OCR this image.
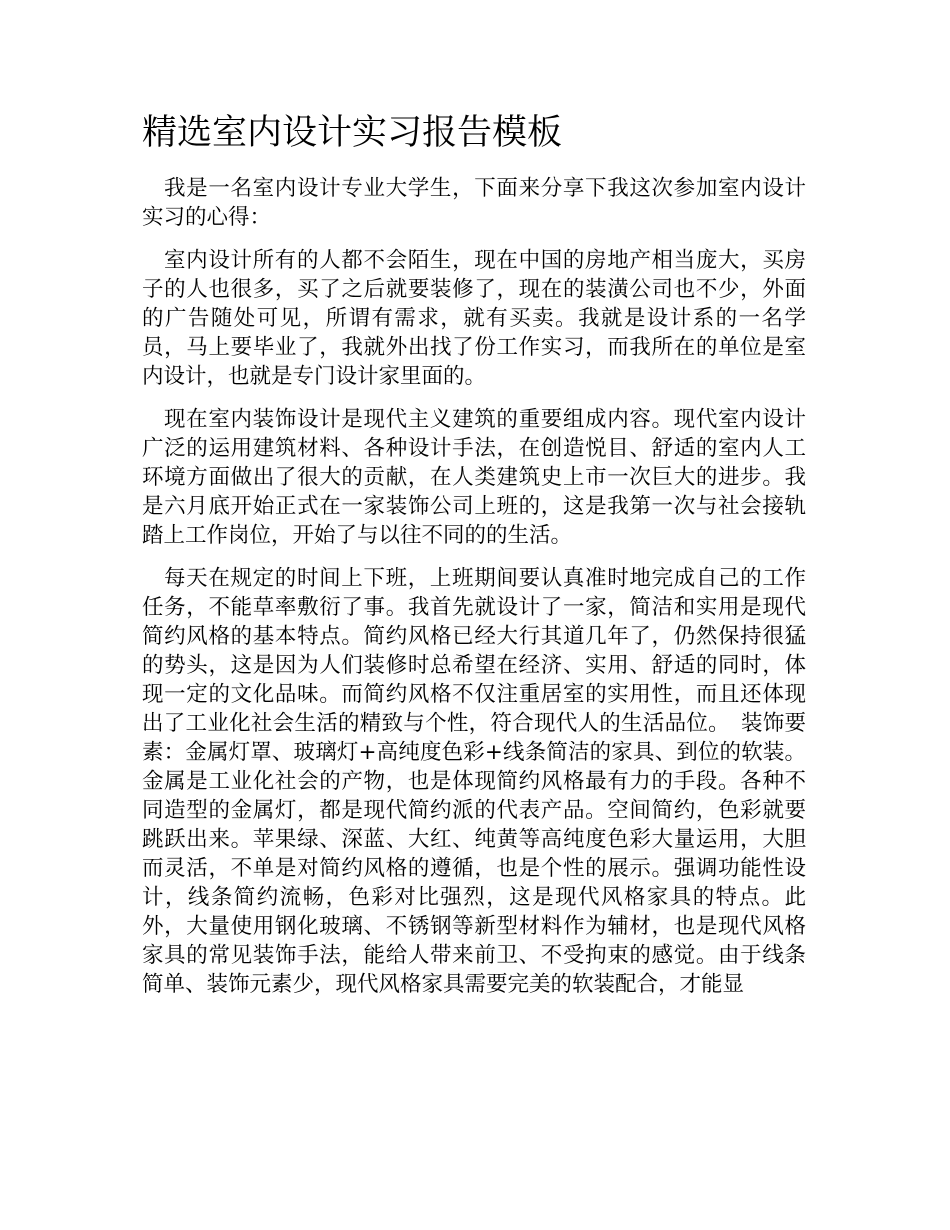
精选室内设计实习报告模板

我是一名室内设计专业大学生，下面来分享下我这次参加室内设计实习的心得：

室内设计所有的人都不会陌生，现在中国的房地产相当庞大，买房子的人也很多，买了之后就要装修了，现在的装潢公司也不少，外面的广告随处可见，所谓有需求，就有买卖。我就是设计系的一名学员，马上要毕业了，我就外出找了份工作实习，而我所在的单位是室内设计，也就是专门设计家里面的。

现在室内装饰设计是现代主义建筑的重要组成内容。现代室内设计广泛的运用建筑材料、各种设计手法，在创造悦目、舒适的室内人工环境方面做出了很大的贡献，在人类建筑史上市一次巨大的进步。我是六月底开始正式在一家装饰公司上班的，这是我第一次与社会接轨踏上工作岗位，开始了与以往不同的的生活。

每天在规定的时间上下班，上班期间要认真准时地完成自己的工作任务，不能草率敷衍了事。我首先就设计了一家，简洁和实用是现代简约风格的基本特点。简约风格已经大行其道几年了，仍然保持很猛的势头，这是因为人们装修时总希望在经济、实用、舒适的同时，体现一定的文化品味。而简约风格不仅注重居室的实用性，而且还体现出了工业化社会生活的精致与个性，符合现代人的生活品位。　装饰要素：金属灯罩、玻璃灯+高纯度色彩+线条简洁的家具、到位的软装。金属是工业化社会的产物，也是体现简约风格最有力的手段。各种不同造型的金属灯，都是现代简约派的代表产品。空间简约，色彩就要跳跃出来。苹果绿、深蓝、大红、纯黄等高纯度色彩大量运用，大胆而灵活，不单是对简约风格的遵循，也是个性的展示。强调功能性设计，线条简约流畅，色彩对比强烈，这是现代风格家具的特点。此外，大量使用钢化玻璃、不锈钢等新型材料作为辅材，也是现代风格家具的常见装饰手法，能给人带来前卫、不受拘束的感觉。由于线条简单、装饰元素少，现代风格家具需要完美的软装配合，才能显
